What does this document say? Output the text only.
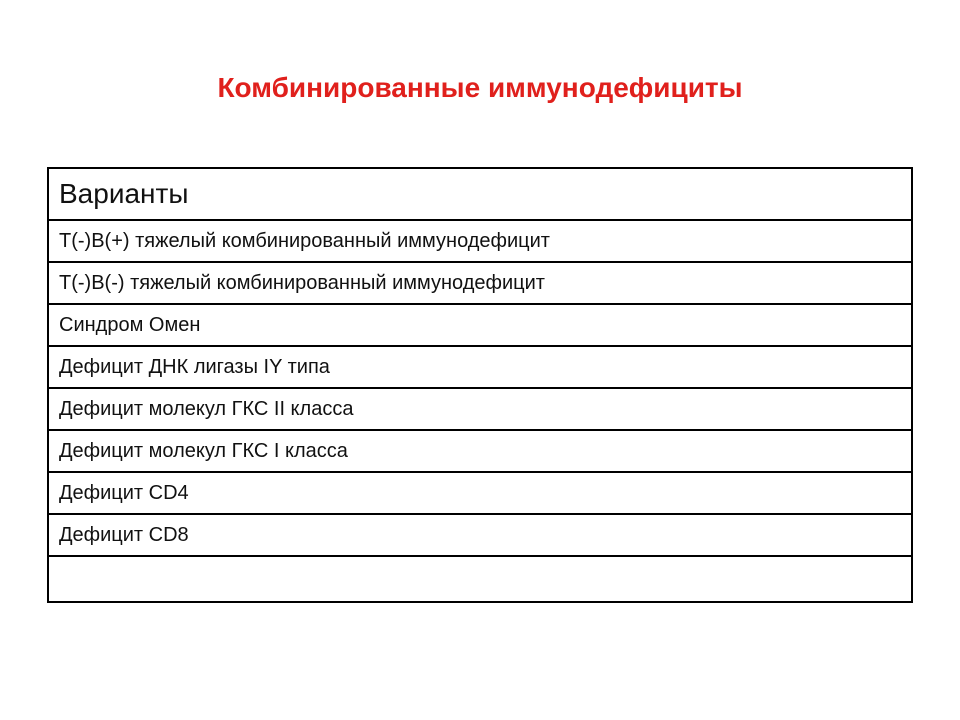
Комбинированные иммунодефициты
Варианты
T(-)B(+) тяжелый комбинированный иммунодефицит
T(-)B(-) тяжелый комбинированный иммунодефицит
Синдром Омен
Дефицит ДНК лигазы IY типа
Дефицит молекул ГКС II класса
Дефицит молекул ГКС I класса
Дефицит CD4
Дефицит CD8
